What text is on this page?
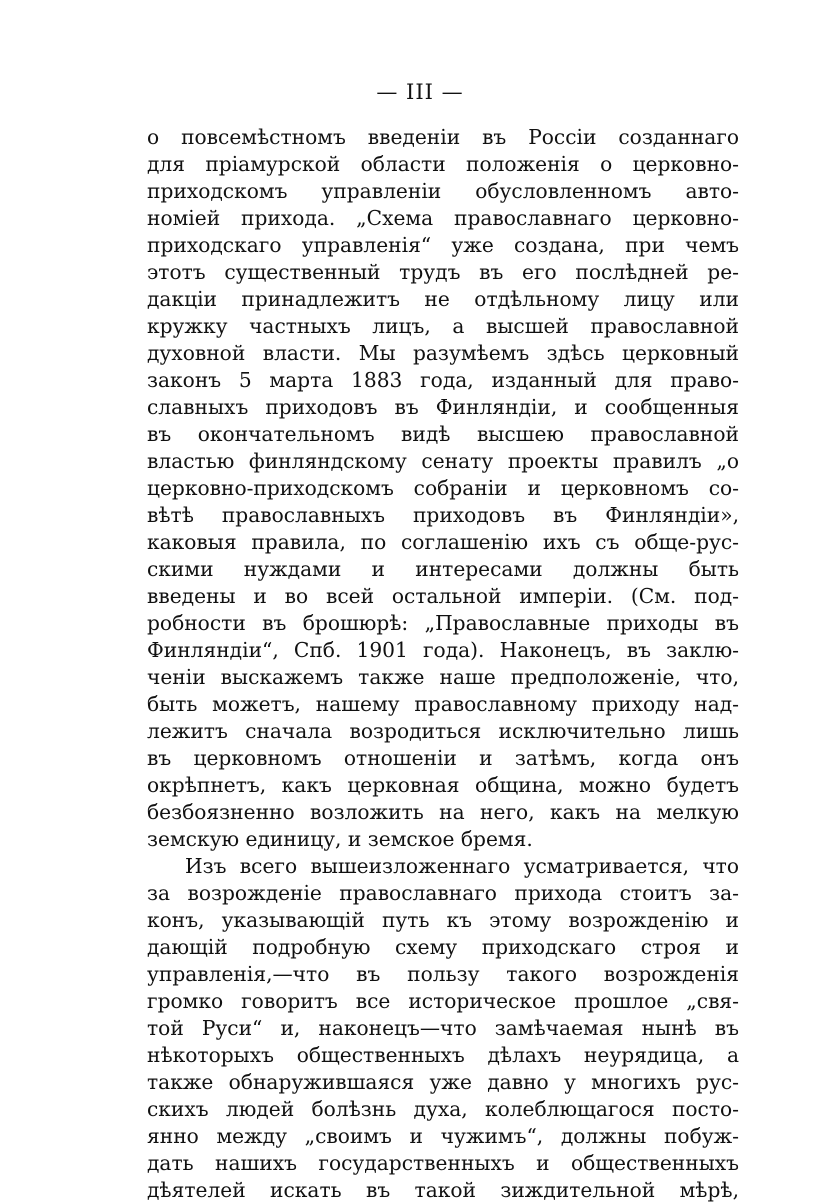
— III —
о повсемѣстномъ введеніи въ Россіи созданнаго
для пріамурской области положенія о церковно-
приходскомъ управленіи обусловленномъ авто-
номіей прихода. „Схема православнаго церковно-
приходскаго управленія“ уже создана, при чемъ
этотъ существенный трудъ въ его послѣдней ре-
дакціи принадлежитъ не отдѣльному лицу или
кружку частныхъ лицъ, а высшей православной
духовной власти. Мы разумѣемъ здѣсь церковный
законъ 5 марта 1883 года, изданный для право-
славныхъ приходовъ въ Финляндіи, и сообщенныя
въ окончательномъ видѣ высшею православной
властью финляндскому сенату проекты правилъ „о
церковно-приходскомъ собраніи и церковномъ со-
вѣтѣ православныхъ приходовъ въ Финляндіи»,
каковыя правила, по соглашенію ихъ съ обще-рус-
скими нуждами и интересами должны быть
введены и во всей остальной имперіи. (См. под-
робности въ брошюрѣ: „Православные приходы въ
Финляндіи“, Спб. 1901 года). Наконецъ, въ заклю-
ченіи выскажемъ также наше предположеніе, что,
быть можетъ, нашему православному приходу над-
лежитъ сначала возродиться исключительно лишь
въ церковномъ отношеніи и затѣмъ, когда онъ
окрѣпнетъ, какъ церковная община, можно будетъ
безбоязненно возложить на него, какъ на мелкую
земскую единицу, и земское бремя.
Изъ всего вышеизложеннаго усматривается, что
за возрожденіе православнаго прихода стоитъ за-
конъ, указывающій путь къ этому возрожденію и
дающій подробную схему приходскаго строя и
управленія,—что въ пользу такого возрожденія
громко говоритъ все историческое прошлое „свя-
той Руси“ и, наконецъ—что замѣчаемая нынѣ въ
нѣкоторыхъ общественныхъ дѣлахъ неурядица, а
также обнаружившаяся уже давно у многихъ рус-
скихъ людей болѣзнь духа, колеблющагося посто-
янно между „своимъ и чужимъ“, должны побуж-
дать нашихъ государственныхъ и общественныхъ
дѣятелей искать въ такой зиждительной мѣрѣ,
